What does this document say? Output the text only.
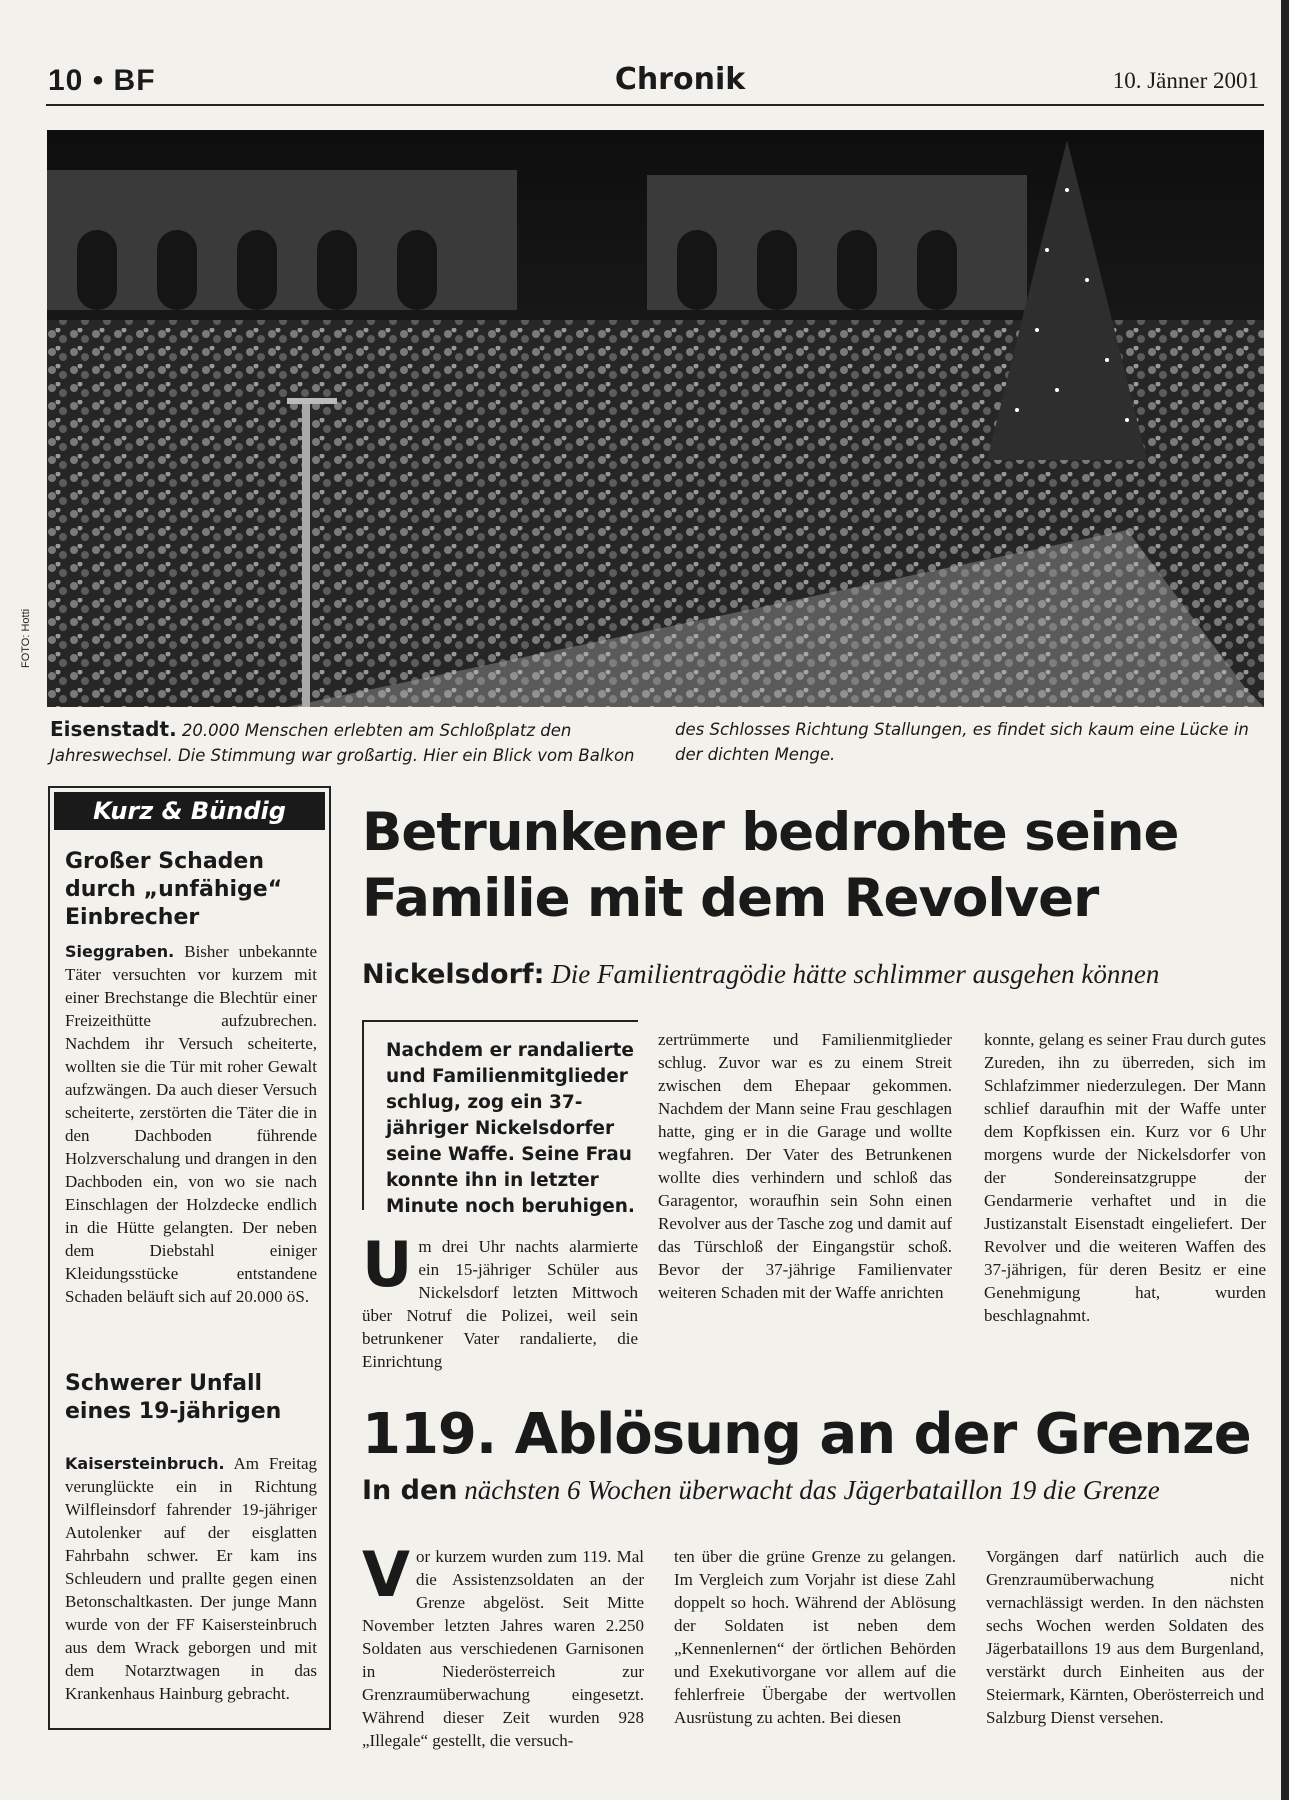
10 • BF	Chronik	10. Jänner 2001
FOTO: Hotti
Eisenstadt. 20.000 Menschen erlebten am Schloßplatz den Jahreswechsel. Die Stimmung war großartig. Hier ein Blick vom Balkon des Schlosses Richtung Stallungen, es findet sich kaum eine Lücke in der dichten Menge.
Kurz & Bündig
Großer Schaden durch „unfähige“ Einbrecher
Sieggraben. Bisher unbekannte Täter versuchten vor kurzem mit einer Brechstange die Blechtür einer Freizeithütte aufzubrechen. Nachdem ihr Versuch scheiterte, wollten sie die Tür mit roher Gewalt aufzwängen. Da auch dieser Versuch scheiterte, zerstörten die Täter die in den Dachboden führende Holzverschalung und drangen in den Dachboden ein, von wo sie nach Einschlagen der Holzdecke endlich in die Hütte gelangten. Der neben dem Diebstahl einiger Kleidungsstücke entstandene Schaden beläuft sich auf 20.000 öS.
Schwerer Unfall eines 19-jährigen
Kaisersteinbruch. Am Freitag verunglückte ein in Richtung Wilfleinsdorf fahrender 19-jähriger Autolenker auf der eisglatten Fahrbahn schwer. Er kam ins Schleudern und prallte gegen einen Betonschaltkasten. Der junge Mann wurde von der FF Kaisersteinbruch aus dem Wrack geborgen und mit dem Notarztwagen in das Krankenhaus Hainburg gebracht.
Betrunkener bedrohte seine Familie mit dem Revolver
Nickelsdorf: Die Familientragödie hätte schlimmer ausgehen können
Nachdem er randalierte und Familienmitglieder schlug, zog ein 37-jähriger Nickelsdorfer seine Waffe. Seine Frau konnte ihn in letzter Minute noch beruhigen.
U m drei Uhr nachts alarmierte ein 15-jähriger Schüler aus Nickelsdorf letzten Mittwoch über Notruf die Polizei, weil sein betrunkener Vater randalierte, die Einrichtung
zertrümmerte und Familienmitglieder schlug. Zuvor war es zu einem Streit zwischen dem Ehepaar gekommen. Nachdem der Mann seine Frau geschlagen hatte, ging er in die Garage und wollte wegfahren. Der Vater des Betrunkenen wollte dies verhindern und schloß das Garagentor, woraufhin sein Sohn einen Revolver aus der Tasche zog und damit auf das Türschloß der Eingangstür schoß. Bevor der 37-jährige Familienvater weiteren Schaden mit der Waffe anrichten
konnte, gelang es seiner Frau durch gutes Zureden, ihn zu überreden, sich im Schlafzimmer niederzulegen. Der Mann schlief daraufhin mit der Waffe unter dem Kopfkissen ein. Kurz vor 6 Uhr morgens wurde der Nickelsdorfer von der Sondereinsatzgruppe der Gendarmerie verhaftet und in die Justizanstalt Eisenstadt eingeliefert. Der Revolver und die weiteren Waffen des 37-jährigen, für deren Besitz er eine Genehmigung hat, wurden beschlagnahmt.
119. Ablösung an der Grenze
In den nächsten 6 Wochen überwacht das Jägerbataillon 19 die Grenze
V or kurzem wurden zum 119. Mal die Assistenzsoldaten an der Grenze abgelöst. Seit Mitte November letzten Jahres waren 2.250 Soldaten aus verschiedenen Garnisonen in Niederösterreich zur Grenzraumüberwachung eingesetzt. Während dieser Zeit wurden 928 „Illegale“ gestellt, die versuch-
ten über die grüne Grenze zu gelangen. Im Vergleich zum Vorjahr ist diese Zahl doppelt so hoch. Während der Ablösung der Soldaten ist neben dem „Kennenlernen“ der örtlichen Behörden und Exekutivorgane vor allem auf die fehlerfreie Übergabe der wertvollen Ausrüstung zu achten. Bei diesen
Vorgängen darf natürlich auch die Grenzraumüberwachung nicht vernachlässigt werden. In den nächsten sechs Wochen werden Soldaten des Jägerbataillons 19 aus dem Burgenland, verstärkt durch Einheiten aus der Steiermark, Kärnten, Oberösterreich und Salzburg Dienst versehen.
